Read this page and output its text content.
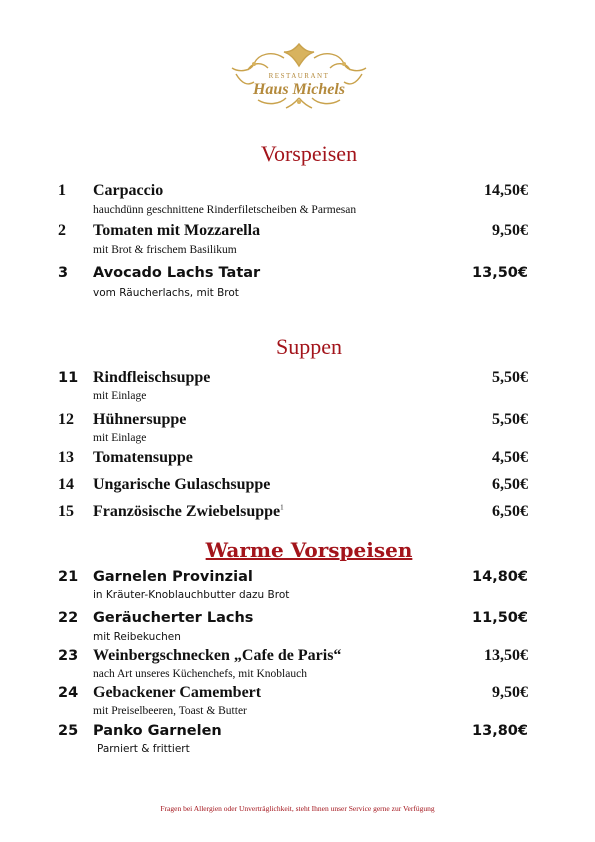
RESTAURANT
Haus Michels
Vorspeisen
1 Carpaccio	14,50€
hauchdünn geschnittene Rinderfiletscheiben & Parmesan
2 Tomaten mit Mozzarella	9,50€
mit Brot & frischem Basilikum
3 Avocado Lachs Tatar	13,50€
vom Räucherlachs, mit Brot
Suppen
11 Rindfleischsuppe	5,50€
mit Einlage
12 Hühnersuppe	5,50€
mit Einlage
13 Tomatensuppe	4,50€
14 Ungarische Gulaschsuppe	6,50€
15 Französische Zwiebelsuppe$^1$	6,50€
Warme Vorspeisen
21 Garnelen Provinzial	14,80€
in Kräuter-Knoblauchbutter dazu Brot
22 Geräucherter Lachs	11,50€
mit Reibekuchen
23 Weinbergschnecken „Cafe de Paris“	13,50€
nach Art unseres Küchenchefs, mit Knoblauch
24 Gebackener Camembert	9,50€
mit Preiselbeeren, Toast & Butter
25 Panko Garnelen	13,80€
Parniert & frittiert
Fragen bei Allergien oder Unverträglichkeit, steht Ihnen unser Service gerne zur Verfügung
